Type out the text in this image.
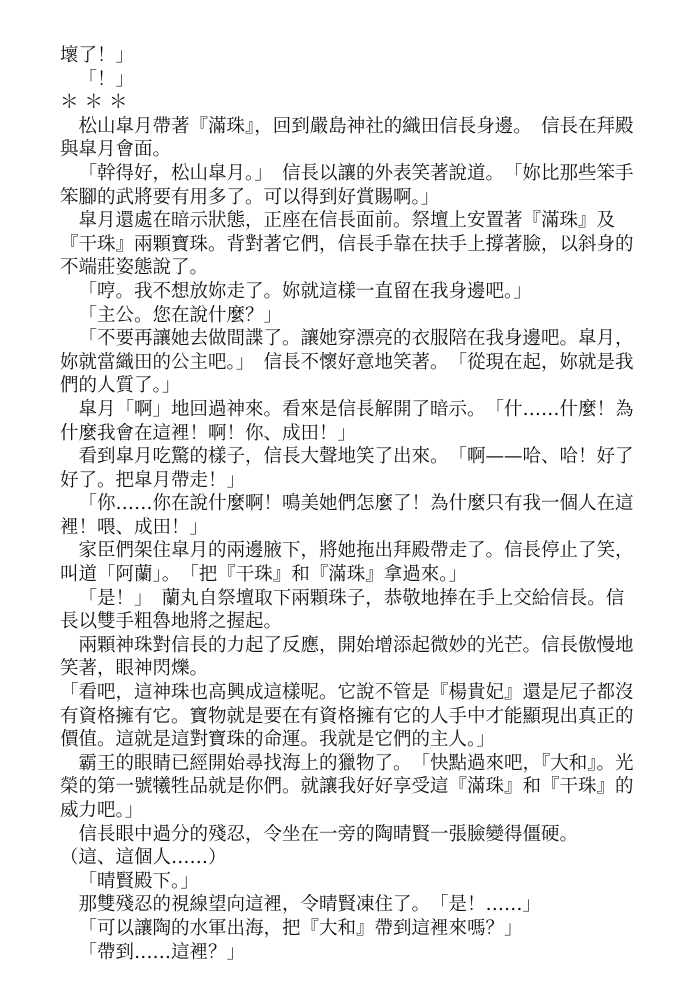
壞了！」

「！」

＊＊＊

松山皐月帶著『滿珠』，回到嚴島神社的織田信長身邊。　信長在拜殿與皐月會面。

「幹得好，松山皐月。」　信長以讓的外表笑著說道。　「妳比那些笨手笨腳的武將要有用多了。可以得到好賞賜啊。」

皐月還處在暗示狀態，正座在信長面前。祭壇上安置著『滿珠』及『干珠』兩顆寶珠。背對著它們，信長手靠在扶手上撐著臉，以斜身的不端莊姿態說了。

「哼。我不想放妳走了。妳就這樣一直留在我身邊吧。」

「主公。您在說什麼？」

「不要再讓她去做間諜了。讓她穿漂亮的衣服陪在我身邊吧。皐月，妳就當織田的公主吧。」　信長不懷好意地笑著。　「從現在起，妳就是我們的人質了。」

皐月「啊」地回過神來。看來是信長解開了暗示。　「什……什麼！為什麼我會在這裡！啊！你、成田！」

看到皐月吃驚的樣子，信長大聲地笑了出來。　「啊——哈、哈！好了好了。把皐月帶走！」

「你……你在說什麼啊！鳴美她們怎麼了！為什麼只有我一個人在這裡！喂、成田！」

家臣們架住皐月的兩邊腋下，將她拖出拜殿帶走了。信長停止了笑，叫道「阿蘭」。　「把『干珠』和『滿珠』拿過來。」

「是！」　蘭丸自祭壇取下兩顆珠子，恭敬地捧在手上交給信長。信長以雙手粗魯地將之握起。

兩顆神珠對信長的力起了反應，開始增添起微妙的光芒。信長傲慢地笑著，眼神閃爍。

「看吧，這神珠也高興成這樣呢。它說不管是『楊貴妃』還是尼子都沒有資格擁有它。寶物就是要在有資格擁有它的人手中才能顯現出真正的價值。這就是這對寶珠的命運。我就是它們的主人。」

霸王的眼睛已經開始尋找海上的獵物了。　「快點過來吧，『大和』。光榮的第一號犧牲品就是你們。就讓我好好享受這『滿珠』和『干珠』的威力吧。」

信長眼中過分的殘忍，令坐在一旁的陶晴賢一張臉變得僵硬。

（這、這個人……）

「晴賢殿下。」

那雙殘忍的視線望向這裡，令晴賢凍住了。　「是！……」

「可以讓陶的水軍出海，把『大和』帶到這裡來嗎？」

「帶到……這裡？」
